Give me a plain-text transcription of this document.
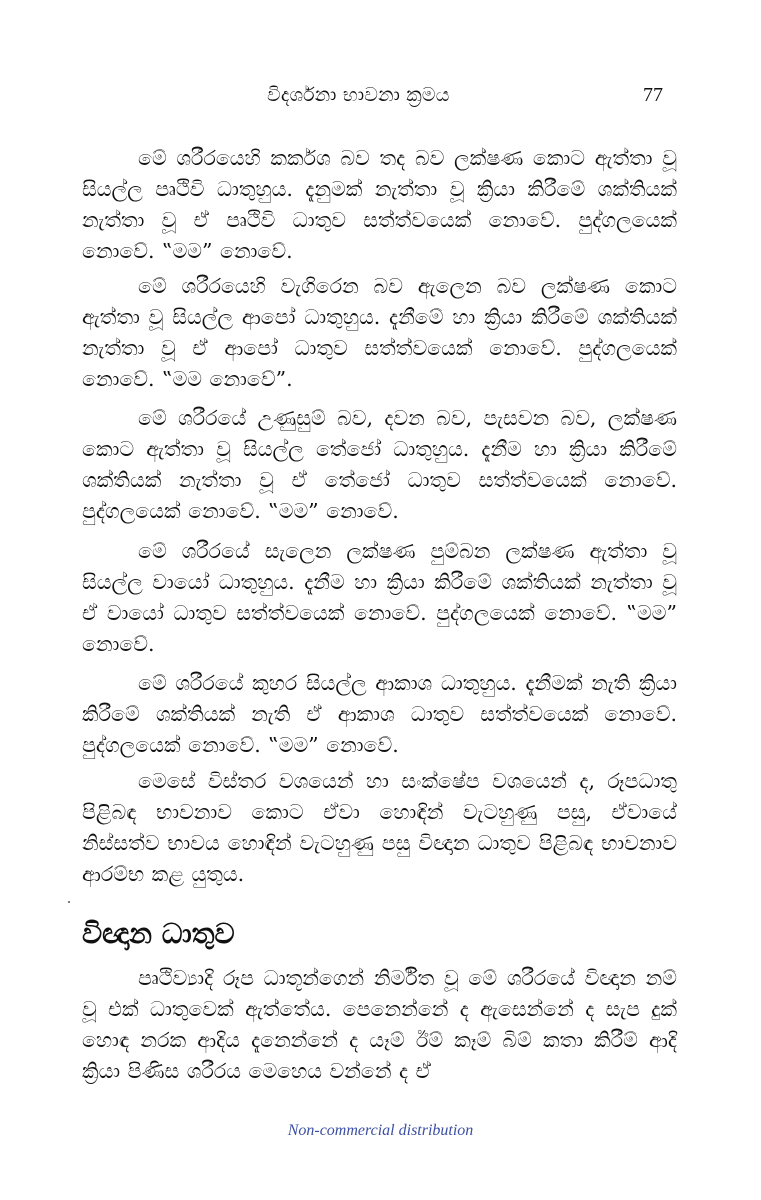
විදර්ශනා භාවනා ක්‍රමය	77

මේ ශරීරයෙහි කර්කශ බව තද බව ලක්ෂණ කොට ඇත්තා වූ සියල්ල පෘථිවි ධාතුහුය. දැනුමක් නැත්තා වූ ක්‍රියා කිරීමේ ශක්තියක් නැත්තා වූ ඒ පෘථිවි ධාතුව සත්ත්වයෙක් නොවේ. පුද්ගලයෙක් නොවේ. ‟මම” නොවේ.

මේ ශරීරයෙහි වැගිරෙන බව ඇලෙන බව ලක්ෂණ කොට ඇත්තා වූ සියල්ල ආපෝ ධාතුහුය. දැනීමේ හා ක්‍රියා කිරීමේ ශක්තියක් නැත්තා වූ ඒ ආපෝ ධාතුව සත්ත්වයෙක් නොවේ. පුද්ගලයෙක් නොවේ. ‟මම නොවේ”.

මේ ශරීරයේ උණුසුම් බව, දවන බව, පැසවන බව, ලක්ෂණ කොට ඇත්තා වූ සියල්ල තේජෝ ධාතුහුය. දැනීම හා ක්‍රියා කිරීමේ ශක්තියක් නැත්තා වූ ඒ තේජෝ ධාතුව සත්ත්වයෙක් නොවේ. පුද්ගලයෙක් නොවේ. ‟මම” නොවේ.

මේ ශරීරයේ සැලෙන ලක්ෂණ පුම්බන ලක්ෂණ ඇත්තා වූ සියල්ල වායෝ ධාතුහුය. දැනීම හා ක්‍රියා කිරීමේ ශක්තියක් නැත්තා වූ ඒ වායෝ ධාතුව සත්ත්වයෙක් නොවේ. පුද්ගලයෙක් නොවේ. ‟මම” නොවේ.

මේ ශරීරයේ කුහර සියල්ල ආකාශ ධාතුහුය. දැනීමක් නැති ක්‍රියා කිරීමේ ශක්තියක් නැති ඒ ආකාශ ධාතුව සත්ත්වයෙක් නොවේ. පුද්ගලයෙක් නොවේ. ‟මම” නොවේ.

මෙසේ විස්තර වශයෙන් හා සංක්ෂේප වශයෙන් ද, රූපධාතු පිළිබඳ භාවනාව කොට ඒවා හොඳින් වැටහුණු පසු, ඒවායේ නිස්සත්ව භාවය හොඳින් වැටහුණු පසු විඥාන ධාතුව පිළිබඳ භාවනාව ආරම්භ කළ යුතුය.

විඥාන ධාතුව

පෘථිව්‍යාදි රූප ධාතූන්ගෙන් නිර්මිත වූ මේ ශරීරයේ විඥාන නම් වූ එක් ධාතුවෙක් ඇත්තේය. පෙනෙන්නේ ද ඇසෙන්නේ ද සැප දුක් හොඳ නරක ආදිය දැනෙන්නේ ද යෑම් ඊම් කෑම් බිම් කතා කිරීම් ආදි ක්‍රියා පිණිස ශරීරය මෙහෙය වන්නේ ද ඒ

Non-commercial distribution
